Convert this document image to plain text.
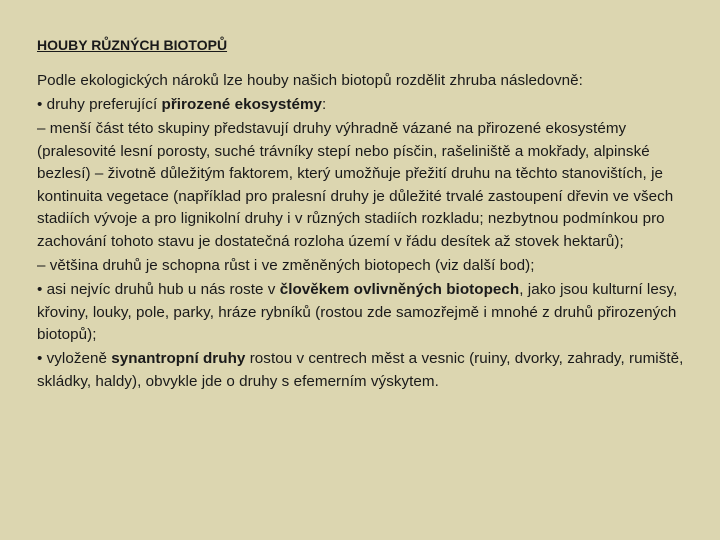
HOUBY RŮZNÝCH BIOTOPŮ
Podle ekologických nároků lze houby našich biotopů rozdělit zhruba následovně:
• druhy preferující přirozené ekosystémy:
– menší část této skupiny představují druhy výhradně vázané na přirozené ekosystémy (pralesovité lesní porosty, suché trávníky stepí nebo písčin, rašeliniště a mokřady, alpinské bezlesí) – životně důležitým faktorem, který umožňuje přežití druhu na těchto stanovištích, je kontinuita vegetace (například pro pralesní druhy je důležité trvalé zastoupení dřevin ve všech stadiích vývoje a pro lignikolní druhy i v různých stadiích rozkladu; nezbytnou podmínkou pro zachování tohoto stavu je dostatečná rozloha území v řádu desítek až stovek hektarů);
– většina druhů je schopna růst i ve změněných biotopech (viz další bod);
• asi nejvíc druhů hub u nás roste v člověkem ovlivněných biotopech, jako jsou kulturní lesy, křoviny, louky, pole, parky, hráze rybníků (rostou zde samozřejmě i mnohé z druhů přirozených biotopů);
• vyloženě synantropní druhy rostou v centrech měst a vesnic (ruiny, dvorky, zahrady, rumiště, skládky, haldy), obvykle jde o druhy s efemerním výskytem.
